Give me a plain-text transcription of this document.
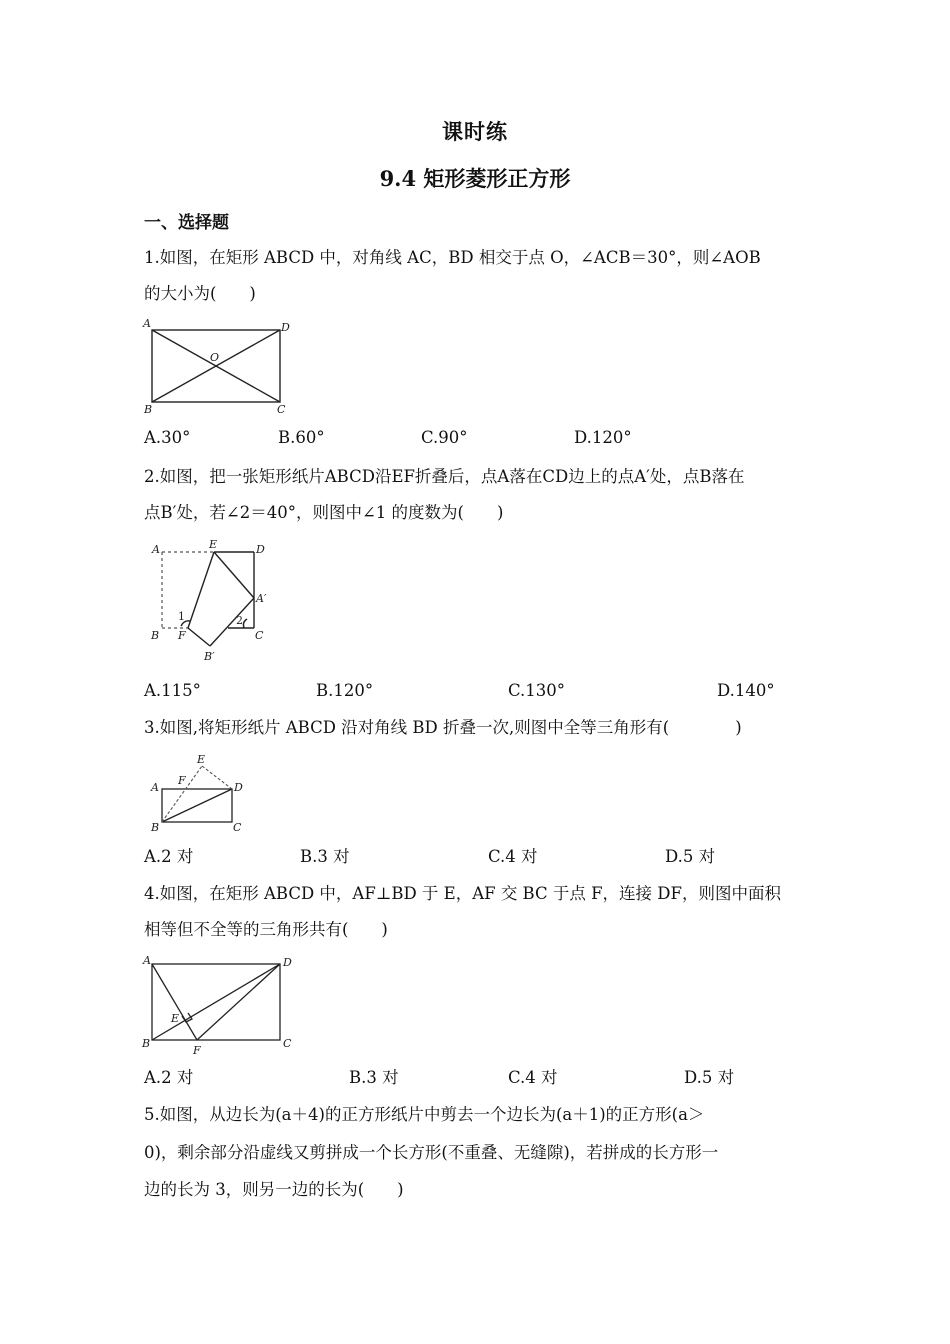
课时练
9.4 矩形菱形正方形
一、选择题
1.如图，在矩形 ABCD 中，对角线 AC，BD 相交于点 O，∠ACB＝30°，则∠AOB
的大小为(　　)
A	D
O
B	C
A.30°	B.60°	C.90°	D.120°
2.如图，把一张矩形纸片ABCD沿EF折叠后，点A落在CD边上的点A′处，点B落在
点B′处，若∠2＝40°，则图中∠1 的度数为(　　)
A	E	D
A′
1	2
B F	C
B′
A.115°	B.120°	C.130°	D.140°
3.如图,将矩形纸片 ABCD 沿对角线 BD 折叠一次,则图中全等三角形有(　　　　)
E
F
A	D
B	C
A.2 对	B.3 对	C.4 对	D.5 对
4.如图，在矩形 ABCD 中，AF⊥BD 于 E，AF 交 BC 于点 F，连接 DF，则图中面积
相等但不全等的三角形共有(　　)
A	D
E
B
F
C
A.2 对	B.3 对	C.4 对	D.5 对
5.如图，从边长为(a＋4)的正方形纸片中剪去一个边长为(a＋1)的正方形(a＞
0)，剩余部分沿虚线又剪拼成一个长方形(不重叠、无缝隙)，若拼成的长方形一
边的长为 3，则另一边的长为(　　)
